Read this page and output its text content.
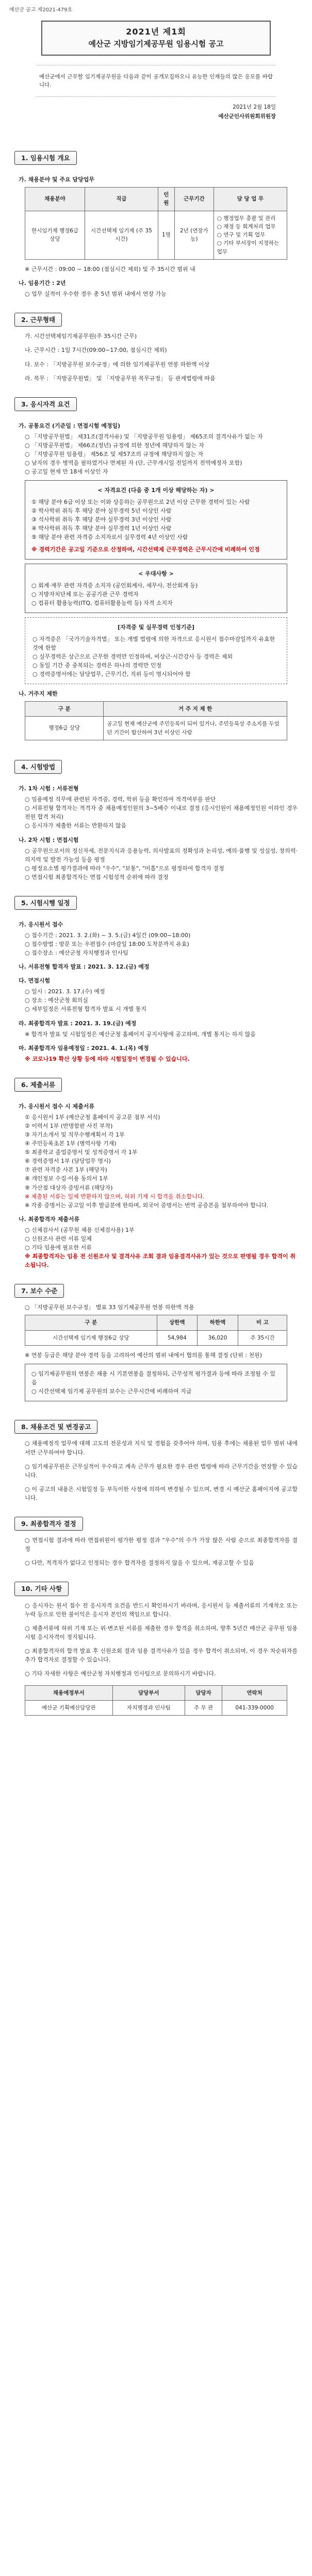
예산군 공고 제2021-479호
2021년 제1회
예산군 지방임기제공무원 임용시험 공고
예산군에서 근무할 임기제공무원을 다음과 같이 공개모집하오니 유능한 인재들의 많은 응모를 바랍니다.
2021년 2월 18일
예산군인사위원회위원장
1. 임용시험 개요
가. 채용분야 및 주요 담당업무
채용분야	직급	인원	근무기간	담 당 업 무
한시임기제 행정6급 상당	시간선택제 임기제 (주 35시간)	1명	2년 (연장가능)	○ 행정업무 총괄 및 관리
○ 재정 등 회계처리 업무
○ 연구 및 기획 업무
○ 기타 부서장이 지정하는 업무
※ 근무시간 : 09:00 ~ 18:00 (점심시간 제외) 및 주 35시간 범위 내
나. 임용기간 : 2년
○ 업무 실적이 우수한 경우 총 5년 범위 내에서 연장 가능
2. 근무형태
가. 시간선택제임기제공무원(주 35시간 근무)
나. 근무시간 : 1일 7시간(09:00~17:00, 점심시간 제외)
다. 보수 : 「지방공무원 보수규정」에 의한 임기제공무원 연봉 하한액 이상
라. 복무 : 「지방공무원법」 및 「지방공무원 복무규정」 등 관계법령에 따름
3. 응시자격 요건
가. 공통요건 (기준일 : 면접시험 예정일)
○ 「지방공무원법」 제31조(결격사유) 및 「지방공무원 임용령」 제65조의 결격사유가 없는 자
○ 「지방공무원법」 제66조(정년) 규정에 의한 정년에 해당하지 않는 자
○ 「지방공무원 임용령」 제56조 및 제57조의 규정에 해당하지 않는 자
○ 남자의 경우 병역을 필하였거나 면제된 자 (단, 근무개시일 전일까지 전역예정자 포함)
○ 공고일 현재 만 18세 이상인 자
< 자격요건 (다음 중 1개 이상 해당하는 자) >
① 해당 분야 6급 이상 또는 이와 상응하는 공무원으로 2년 이상 근무한 경력이 있는 사람
② 학사학위 취득 후 해당 분야 실무경력 5년 이상인 사람
③ 석사학위 취득 후 해당 분야 실무경력 3년 이상인 사람
④ 박사학위 취득 후 해당 분야 실무경력 1년 이상인 사람
⑤ 해당 분야 관련 자격증 소지자로서 실무경력 4년 이상인 사람
※ 경력기간은 공고일 기준으로 산정하며, 시간선택제 근무경력은 근무시간에 비례하여 인정
< 우대사항 >
○ 회계·재무 관련 자격증 소지자 (공인회계사, 세무사, 전산회계 등)
○ 지방자치단체 또는 공공기관 근무 경력자
○ 컴퓨터 활용능력(ITQ, 컴퓨터활용능력 등) 자격 소지자
[자격증 및 실무경력 인정기준]
○ 자격증은 「국가기술자격법」 또는 개별 법령에 의한 자격으로 응시원서 접수마감일까지 유효한 것에 한함
○ 실무경력은 상근으로 근무한 경력만 인정하며, 비상근·시간강사 등 경력은 제외
○ 동일 기간 중 중복되는 경력은 하나의 경력만 인정
○ 경력증명서에는 담당업무, 근무기간, 직위 등이 명시되어야 함
나. 거주지 제한
구 분	거 주 지 제 한
행정6급 상당	공고일 현재 예산군에 주민등록이 되어 있거나, 주민등록상 주소지를 두었던 기간이 합산하여 3년 이상인 사람
4. 시험방법
가. 1차 시험 : 서류전형
○ 임용예정 직무에 관련된 자격증, 경력, 학위 등을 확인하여 적격여부를 판단
○ 서류전형 합격자는 적격자 중 채용예정인원의 3~5배수 이내로 결정 (응시인원이 채용예정인원 이하인 경우 전원 합격 처리)
○ 응시자가 제출한 서류는 반환하지 않음
나. 2차 시험 : 면접시험
○ 공무원으로서의 정신자세, 전문지식과 응용능력, 의사발표의 정확성과 논리성, 예의·품행 및 성실성, 창의력·의지력 및 발전 가능성 등을 평정
○ 평정요소별 평가결과에 따라 "우수", "보통", "미흡"으로 평정하여 합격자 결정
○ 면접시험 최종합격자는 면접 시험성적 순위에 따라 결정
5. 시험시행 일정
가. 응시원서 접수
○ 접수기간 : 2021. 3. 2.(화) ~ 3. 5.(금) 4일간 (09:00~18:00)
○ 접수방법 : 방문 또는 우편접수 (마감일 18:00 도착분까지 유효)
○ 접수장소 : 예산군청 자치행정과 인사팀
나. 서류전형 합격자 발표 : 2021. 3. 12.(금) 예정
다. 면접시험
○ 일시 : 2021. 3. 17.(수) 예정
○ 장소 : 예산군청 회의실
○ 세부일정은 서류전형 합격자 발표 시 개별 통지
라. 최종합격자 발표 : 2021. 3. 19.(금) 예정
※ 합격자 발표 및 시험일정은 예산군청 홈페이지 공지사항에 공고하며, 개별 통지는 하지 않음
마. 최종합격자 임용예정일 : 2021. 4. 1.(목) 예정
※ 코로나19 확산 상황 등에 따라 시험일정이 변경될 수 있습니다.
6. 제출서류
가. 응시원서 접수 시 제출서류
① 응시원서 1부 (예산군청 홈페이지 공고문 첨부 서식)
② 이력서 1부 (반명함판 사진 부착)
③ 자기소개서 및 직무수행계획서 각 1부
④ 주민등록초본 1부 (병역사항 기재)
⑤ 최종학교 졸업증명서 및 성적증명서 각 1부
⑥ 경력증명서 1부 (담당업무 명시)
⑦ 관련 자격증 사본 1부 (해당자)
⑧ 개인정보 수집·이용 동의서 1부
⑨ 가산점 대상자 증빙서류 (해당자)
※ 제출된 서류는 일체 반환하지 않으며, 허위 기재 시 합격을 취소합니다.
※ 각종 증명서는 공고일 이후 발급분에 한하며, 외국어 증명서는 번역 공증본을 첨부하여야 합니다.
나. 최종합격자 제출서류
○ 신체검사서 (공무원 채용 신체검사용) 1부
○ 신원조사 관련 서류 일체
○ 기타 임용에 필요한 서류
※ 최종합격자는 임용 전 신원조사 및 결격사유 조회 결과 임용결격사유가 있는 것으로 판명될 경우 합격이 취소됩니다.
7. 보수 수준
○ 「지방공무원 보수규정」 별표 33 임기제공무원 연봉 하한액 적용
구 분	상한액	하한액	비 고
시간선택제 임기제 행정6급 상당	54,984	36,020	주 35시간
※ 연봉 등급은 해당 분야 경력 등을 고려하여 예산의 범위 내에서 협의를 통해 결정 (단위 : 천원)
○ 임기제공무원의 연봉은 채용 시 기본연봉을 결정하되, 근무성적 평가결과 등에 따라 조정될 수 있음
○ 시간선택제 임기제 공무원의 보수는 근무시간에 비례하여 지급
8. 채용조건 및 변경공고
○ 채용예정직 업무에 대해 고도의 전문성과 지식 및 경험을 갖추어야 하며, 임용 후에는 채용된 업무 범위 내에서만 근무하여야 합니다.
○ 임기제공무원은 근무실적이 우수하고 계속 근무가 필요한 경우 관련 법령에 따라 근무기간을 연장할 수 있습니다.
○ 이 공고의 내용은 시험일정 등 부득이한 사정에 의하여 변경될 수 있으며, 변경 시 예산군 홈페이지에 공고합니다.
9. 최종합격자 결정
○ 면접시험 결과에 따라 면접위원이 평가한 평정 결과 "우수"의 수가 가장 많은 사람 순으로 최종합격자를 결정
○ 다만, 적격자가 없다고 인정되는 경우 합격자를 결정하지 않을 수 있으며, 재공고할 수 있음
10. 기타 사항
○ 응시자는 원서 접수 전 응시자격 요건을 반드시 확인하시기 바라며, 응시원서 등 제출서류의 기재착오 또는 누락 등으로 인한 불이익은 응시자 본인의 책임으로 합니다.
○ 제출서류에 허위 기재 또는 위·변조된 서류를 제출한 경우 합격을 취소하며, 향후 5년간 예산군 공무원 임용시험 응시자격이 정지됩니다.
○ 최종합격자의 합격 발표 후 신원조회 결과 임용 결격사유가 있을 경우 합격이 취소되며, 이 경우 차순위자를 추가 합격자로 결정할 수 있습니다.
○ 기타 자세한 사항은 예산군청 자치행정과 인사팀으로 문의하시기 바랍니다.
채용예정부서	담당부서	담당자	연락처
예산군 기획예산담당관	자치행정과 인사팀	주 무 관	041-339-0000
